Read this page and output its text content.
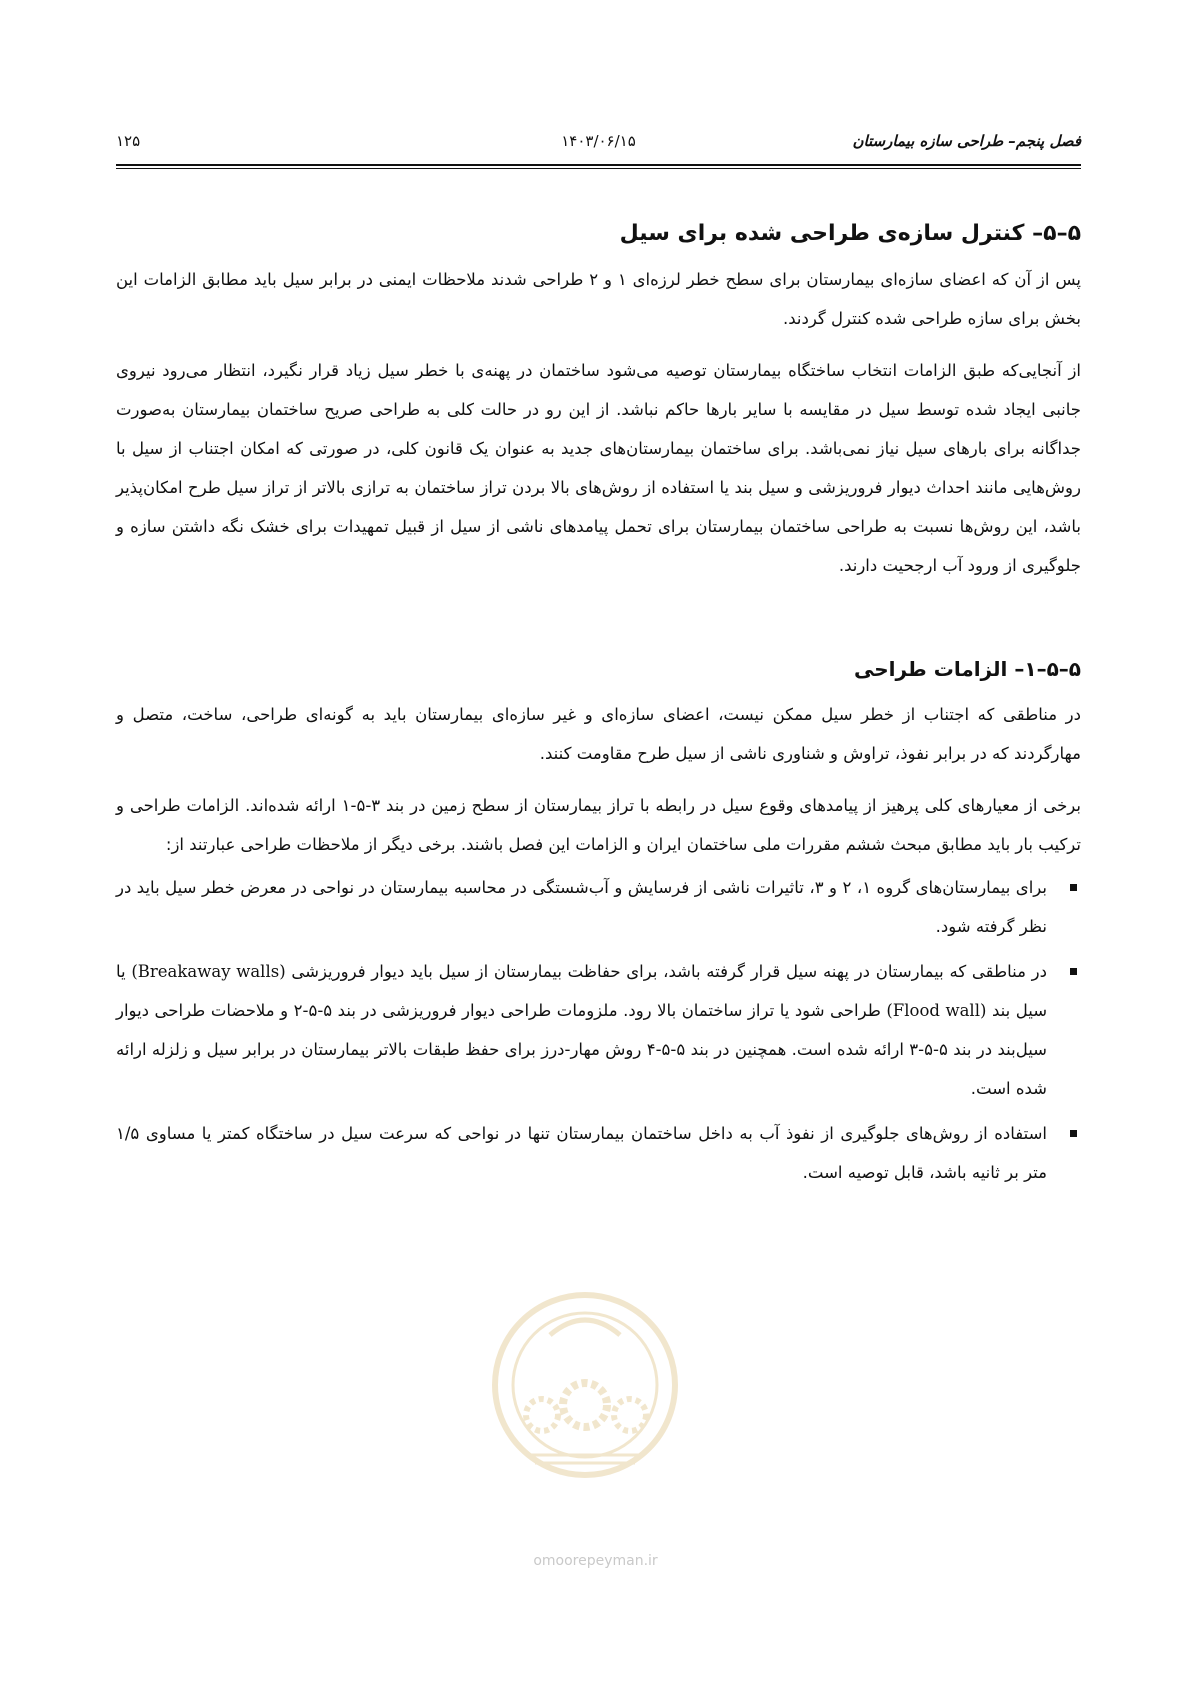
فصل پنجم– طراحی سازه بیمارستان
۱۴۰۳/۰۶/۱۵
۱۲۵
۵–۵– کنترل سازه‌ی طراحی شده برای سیل

پس از آن که اعضای سازه‌ای بیمارستان برای سطح خطر لرزه‌ای ۱ و ۲ طراحی شدند ملاحظات ایمنی در برابر سیل باید مطابق الزامات این بخش برای سازه طراحی شده کنترل گردند.

از آنجایی‌که طبق الزامات انتخاب ساختگاه بیمارستان توصیه می‌شود ساختمان در پهنه‌ی با خطر سیل زیاد قرار نگیرد، انتظار می‌رود نیروی جانبی ایجاد شده توسط سیل در مقایسه با سایر بارها حاکم نباشد. از این رو در حالت کلی به طراحی صریح ساختمان بیمارستان به‌صورت جداگانه برای بارهای سیل نیاز نمی‌باشد. برای ساختمان بیمارستان‌های جدید به عنوان یک قانون کلی، در صورتی که امکان اجتناب از سیل با روش‌هایی مانند احداث دیوار فروریزشی و سیل بند یا استفاده از روش‌های بالا بردن تراز ساختمان به ترازی بالاتر از تراز سیل طرح امکان‌پذیر باشد، این روش‌ها نسبت به طراحی ساختمان بیمارستان برای تحمل پیامدهای ناشی از سیل از قبیل تمهیدات برای خشک نگه داشتن سازه و جلوگیری از ورود آب ارجحیت دارند.

۵–۵–۱– الزامات طراحی

در مناطقی که اجتناب از خطر سیل ممکن نیست، اعضای سازه‌ای و غیر سازه‌ای بیمارستان باید به گونه‌ای طراحی، ساخت، متصل و مهارگردند که در برابر نفوذ، تراوش و شناوری ناشی از سیل طرح مقاومت کنند.

برخی از معیارهای کلی پرهیز از پیامدهای وقوع سیل در رابطه با تراز بیمارستان از سطح زمین در بند ۳-۵-۱ ارائه شده‌اند. الزامات طراحی و ترکیب بار باید مطابق مبحث ششم مقررات ملی ساختمان ایران و الزامات این فصل باشند. برخی دیگر از ملاحظات طراحی عبارتند از:

برای بیمارستان‌های گروه ۱، ۲ و ۳، تاثیرات ناشی از فرسایش و آب‌شستگی در محاسبه بیمارستان در نواحی در معرض خطر سیل باید در نظر گرفته شود.
در مناطقی که بیمارستان در پهنه سیل قرار گرفته باشد، برای حفاظت بیمارستان از سیل باید دیوار فروریزشی (Breakaway walls) یا سیل بند (Flood wall) طراحی شود یا تراز ساختمان بالا رود. ملزومات طراحی دیوار فروریزشی در بند ۵-۵-۲ و ملاحضات طراحی دیوار سیل‌بند در بند ۵-۵-۳ ارائه شده است. همچنین در بند ۵-۵-۴ روش مهار-درز برای حفظ طبقات بالاتر بیمارستان در برابر سیل و زلزله ارائه شده است.
استفاده از روش‌های جلوگیری از نفوذ آب به داخل ساختمان بیمارستان تنها در نواحی که سرعت سیل در ساختگاه کمتر یا مساوی ۱/۵ متر بر ثانیه باشد، قابل توصیه است.
omoorepeyman.ir
